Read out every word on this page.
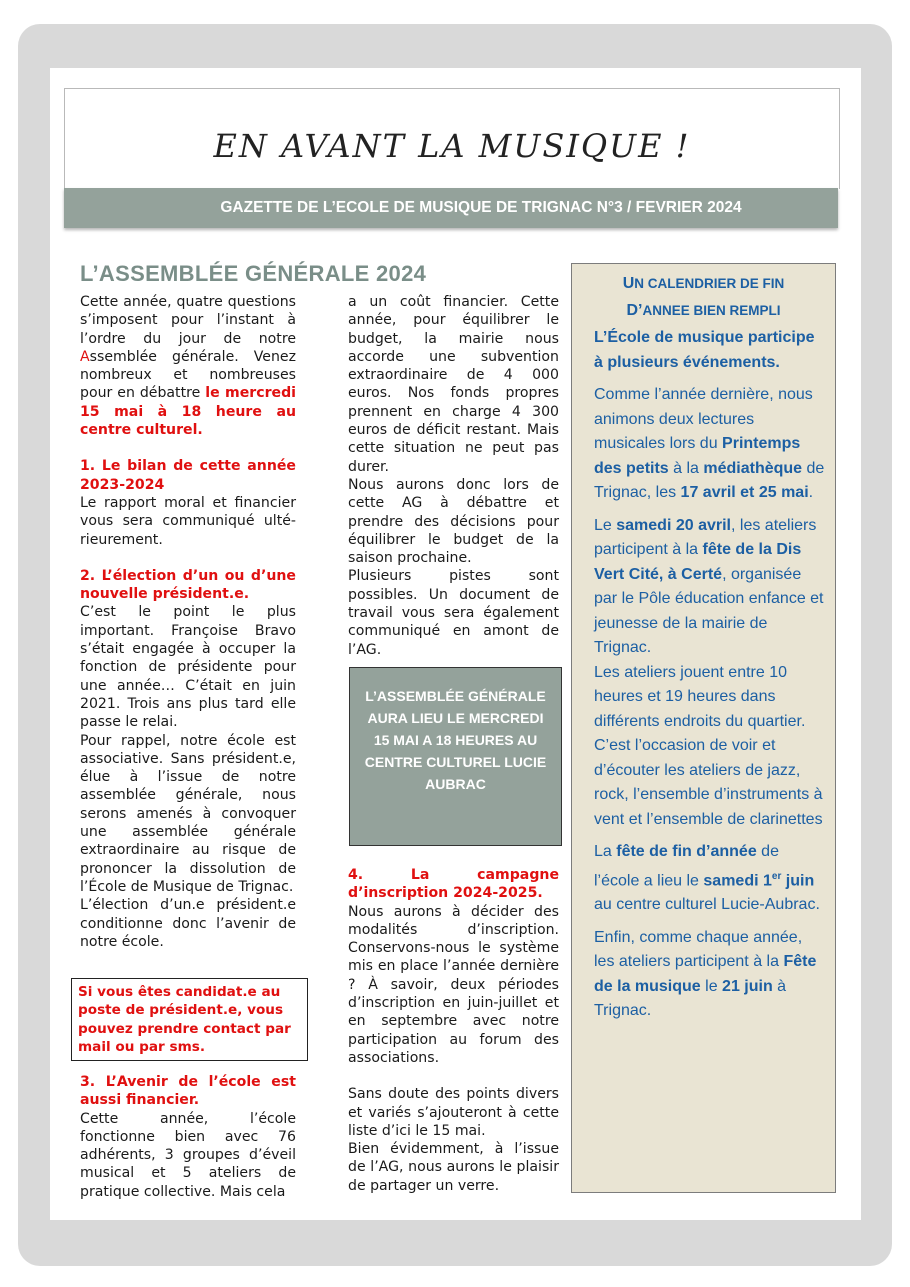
EN AVANT LA MUSIQUE !
GAZETTE DE L’ECOLE DE MUSIQUE DE TRIGNAC N°3 / FEVRIER 2024
L’ASSEMBLÉE GÉNÉRALE 2024

Cette année, quatre questions s’imposent pour l’instant à l’ordre du jour de notre Assemblée générale. Venez nombreux et nombreuses pour en débattre le mercredi 15 mai à 18 heure au centre culturel.

1. Le bilan de cette année 2023-2024

Le rapport moral et financier vous sera communiqué ulté- rieurement.

2. L’élection d’un ou d’une nouvelle président.e.

C’est le point le plus important. Françoise Bravo s’était engagée à occuper la fonction de présidente pour une année… C’était en juin 2021. Trois ans plus tard elle passe le relai.

Pour rappel, notre école est associative. Sans président.e, élue à l’issue de notre assemblée générale, nous serons amenés à convoquer une assemblée générale extraordinaire au risque de prononcer la dissolution de l’École de Musique de Trignac.

L’élection d’un.e président.e conditionne donc l’avenir de notre école.

Si vous êtes candidat.e au poste de président.e, vous pouvez prendre contact par mail ou par sms.

3. L’Avenir de l’école est aussi financier.

Cette année, l’école fonctionne bien avec 76 adhérents, 3 groupes d’éveil musical et 5 ateliers de pratique collective. Mais cela

a un coût financier. Cette année, pour équilibrer le budget, la mairie nous accorde une subvention extraordinaire de 4 000 euros. Nos fonds propres prennent en charge 4 300 euros de déficit restant. Mais cette situation ne peut pas durer.

Nous aurons donc lors de cette AG à débattre et prendre des décisions pour équilibrer le budget de la saison prochaine.

Plusieurs pistes sont possibles. Un document de travail vous sera également communiqué en amont de l’AG.

L’ASSEMBLÉE GÉNÉRALE AURA LIEU LE MERCREDI 15 MAI A 18 HEURES AU CENTRE CULTUREL LUCIE AUBRAC

4. La campagne d’inscription 2024-2025.

Nous aurons à décider des modalités d’inscription. Conservons-nous le système mis en place l’année dernière ? À savoir, deux périodes d’inscription en juin-juillet et en septembre avec notre participation au forum des associations.

Sans doute des points divers et variés s’ajouteront à cette liste d’ici le 15 mai.

Bien évidemment, à l’issue de l’AG, nous aurons le plaisir de partager un verre.

UN CALENDRIER DE FIN
D’ANNEE BIEN REMPLI

L’École de musique participe à plusieurs événements.

Comme l’année dernière, nous animons deux lectures musicales lors du Printemps des petits à la médiathèque de Trignac, les 17 avril et 25 mai.

Le samedi 20 avril, les ateliers participent à la fête de la Dis Vert Cité, à Certé, organisée par le Pôle éducation enfance et jeunesse de la mairie de Trignac.

Les ateliers jouent entre 10 heures et 19 heures dans différents endroits du quartier. C’est l’occasion de voir et d’écouter les ateliers de jazz, rock, l’ensemble d’instruments à vent et l’ensemble de clarinettes

La fête de fin d’année de l’école a lieu le samedi 1er juin au centre culturel Lucie-Aubrac.

Enfin, comme chaque année, les ateliers participent à la Fête de la musique le 21 juin à Trignac.
